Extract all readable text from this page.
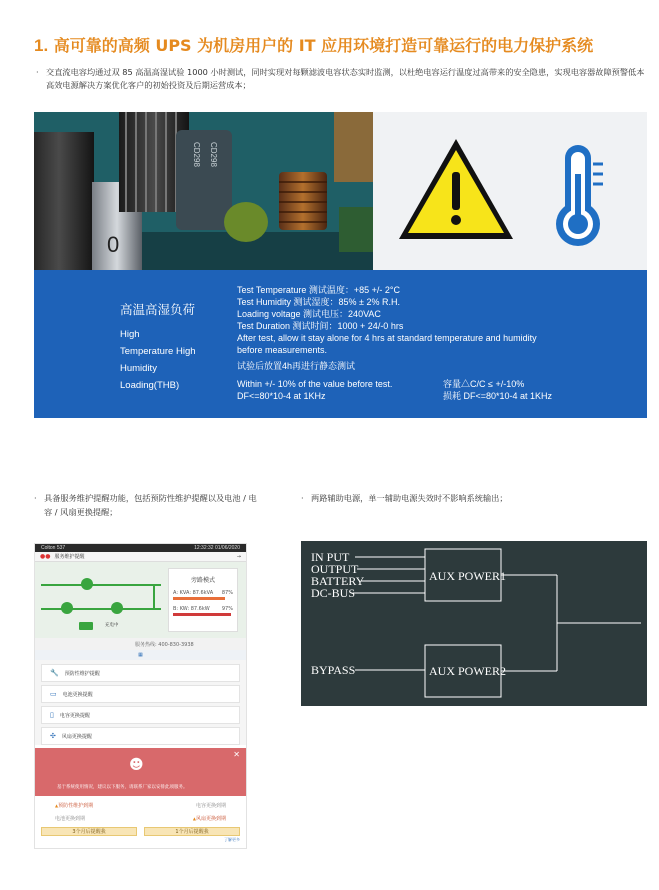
1. 高可靠的高频 UPS 为机房用户的 IT 应用环境打造可靠运行的电力保护系统
· 交直流电容均通过双 85 高温高湿试验 1000 小时测试，同时实现对每颗滤波电容状态实时监测，以杜绝电容运行温度过高带来的安全隐患，实现电容器故障预警低本高效电源解决方案优化客户的初始投资及后期运营成本；
0
CD298 CD298
高温高湿负荷
High
Temperature High
Humidity
Loading(THB)
Test Temperature 测试温度：+85 +/- 2°C
Test Humidity 测试湿度：85% ± 2% R.H.
Loading voltage 测试电压：240VAC
Test Duration 测试时间：1000 + 24/-0 hrs
After test, allow it stay alone for 4 hrs at standard temperature and humidity before measurements.
试验后放置4h再进行静态测试
Within +/- 10% of the value before test.
DF<=80*10-4 at 1KHz
容量△C/C ≤ +/-10%
损耗 DF<=80*10-4 at 1KHz
· 具备服务维护提醒功能，包括预防性维护提醒以及电池 / 电容 / 风扇更换提醒；
· 两路辅助电源，单一辅助电源失效时不影响系统输出；
Colton 537	12:32:32 01/06/2020
●● 服务维护提醒	→
充电中
旁路模式
A: KVA: 87.6kVA 87%
B: KW: 87.6kW 97%
服务热线: 400-830-3938
▦
🔧 预防性维护提醒
▭ 电池更换提醒
▯ 电容更换提醒
✣ 风扇更换提醒
✕
☻
基于系统使用情况，建议以下服务，请联系厂家以安排此项服务。
▲ 预防性维护到期	电容更换到期
电池更换到期
▲	风扇更换到期
3个月后提醒我	1个月后提醒我
了解更多
IN PUT
OUTPUT
BATTERY
DC-BUS
BYPASS
AUX POWER1
AUX POWER2
